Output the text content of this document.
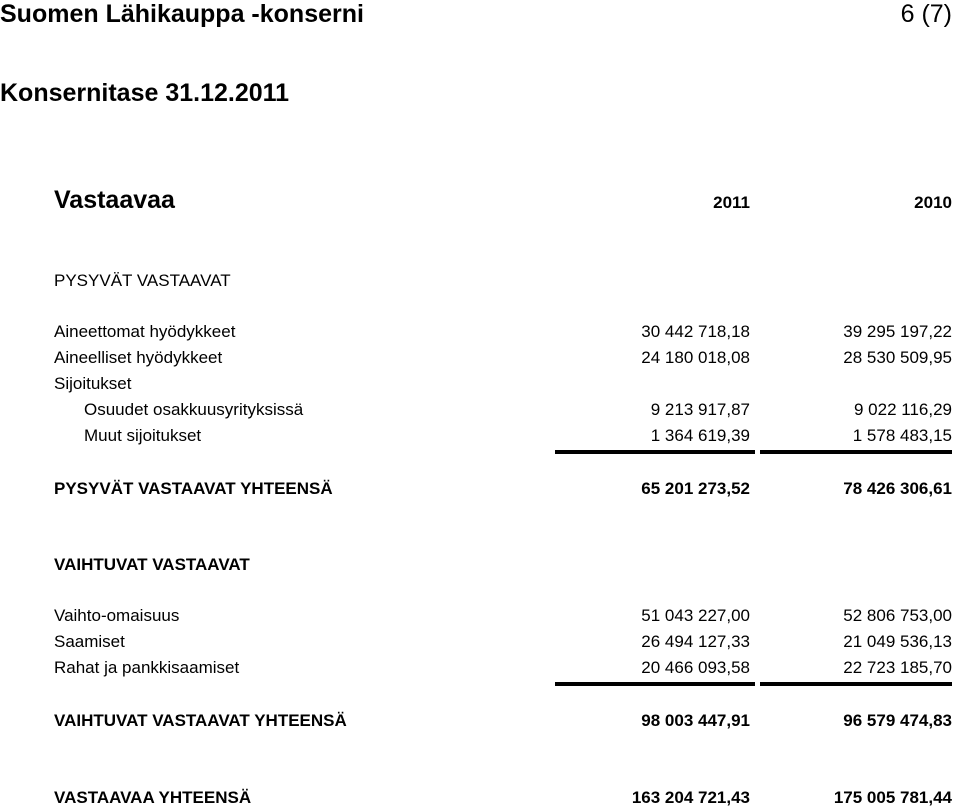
Suomen Lähikauppa -konserni	6 (7)
Konsernitase 31.12.2011
Vastaavaa	2011	2010
PYSYVÄT VASTAAVAT
Aineettomat hyödykkeet	30 442 718,18	39 295 197,22
Aineelliset hyödykkeet	24 180 018,08	28 530 509,95
Sijoitukset
Osuudet osakkuusyrityksissä	9 213 917,87	9 022 116,29
Muut sijoitukset	1 364 619,39	1 578 483,15
PYSYVÄT VASTAAVAT YHTEENSÄ	65 201 273,52	78 426 306,61
VAIHTUVAT VASTAAVAT
Vaihto-omaisuus	51 043 227,00	52 806 753,00
Saamiset	26 494 127,33	21 049 536,13
Rahat ja pankkisaamiset	20 466 093,58	22 723 185,70
VAIHTUVAT VASTAAVAT YHTEENSÄ	98 003 447,91	96 579 474,83
VASTAAVAA YHTEENSÄ	163 204 721,43	175 005 781,44
